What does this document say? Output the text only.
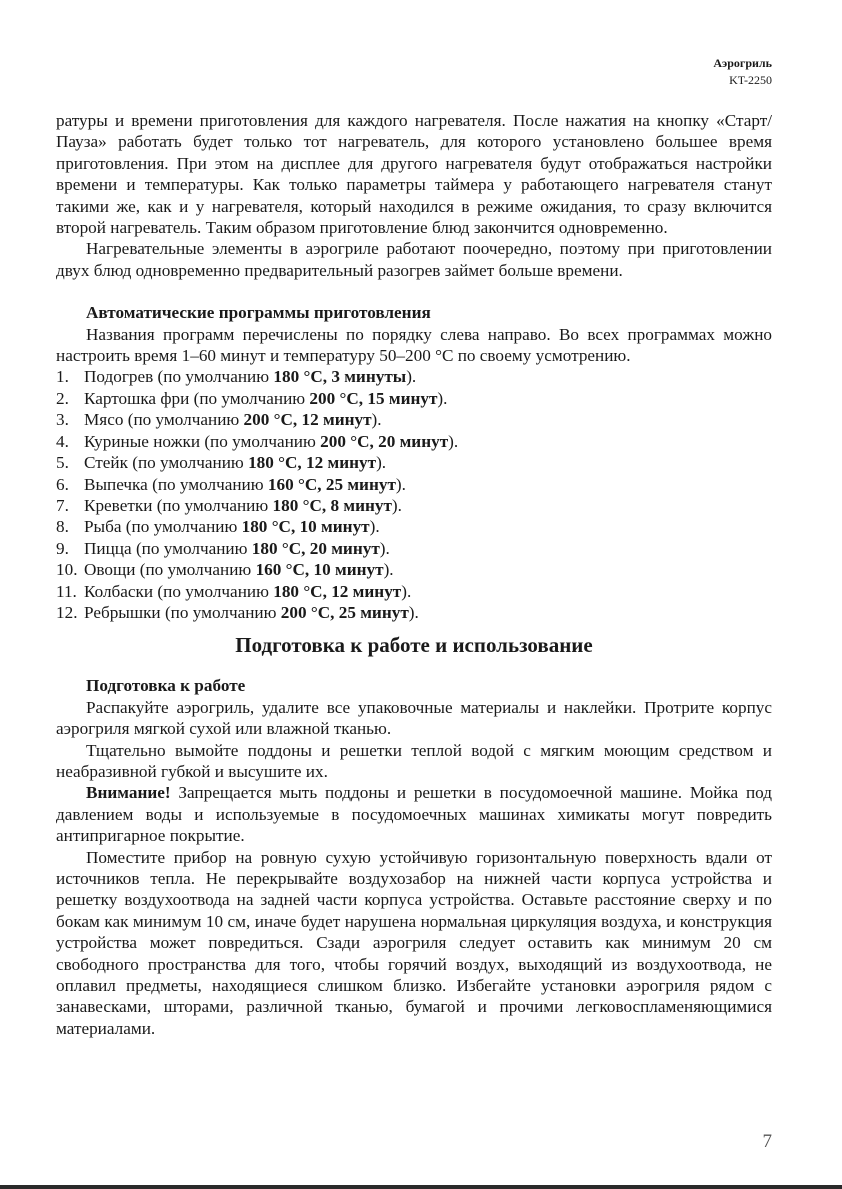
Аэрогриль
KT-2250

ратуры и времени приготовления для каждого нагревателя. После нажатия на кнопку «Старт/Пауза» работать будет только тот нагреватель, для которого установлено большее время приготовления. При этом на дисплее для другого нагревателя будут отображаться настройки времени и температуры. Как только параметры таймера у работающего нагревателя станут такими же, как и у нагревателя, который находился в режиме ожидания, то сразу включится второй нагреватель. Таким образом приготовление блюд закончится одновременно.

Нагревательные элементы в аэрогриле работают поочередно, поэтому при приготовлении двух блюд одновременно предварительный разогрев займет больше времени.

Автоматические программы приготовления

Названия программ перечислены по порядку слева направо. Во всех программах можно настроить время 1–60 минут и температуру 50–200 °С по своему усмотрению.

1. Подогрев (по умолчанию 180 °С, 3 минуты).
2. Картошка фри (по умолчанию 200 °С, 15 минут).
3. Мясо (по умолчанию 200 °С, 12 минут).
4. Куриные ножки (по умолчанию 200 °С, 20 минут).
5. Стейк (по умолчанию 180 °С, 12 минут).
6. Выпечка (по умолчанию 160 °С, 25 минут).
7. Креветки (по умолчанию 180 °С, 8 минут).
8. Рыба (по умолчанию 180 °С, 10 минут).
9. Пицца (по умолчанию 180 °С, 20 минут).
10. Овощи (по умолчанию 160 °С, 10 минут).
11. Колбаски (по умолчанию 180 °С, 12 минут).
12. Ребрышки (по умолчанию 200 °С, 25 минут).

Подготовка к работе и использование

Подготовка к работе

Распакуйте аэрогриль, удалите все упаковочные материалы и наклейки. Протрите корпус аэрогриля мягкой сухой или влажной тканью.

Тщательно вымойте поддоны и решетки теплой водой с мягким моющим средством и неабразивной губкой и высушите их.

Внимание! Запрещается мыть поддоны и решетки в посудомоечной машине. Мойка под давлением воды и используемые в посудомоечных машинах химикаты могут повредить антипригарное покрытие.

Поместите прибор на ровную сухую устойчивую горизонтальную поверхность вдали от источников тепла. Не перекрывайте воздухозабор на нижней части корпуса устройства и решетку воздухоотвода на задней части корпуса устройства. Оставьте расстояние сверху и по бокам как минимум 10 см, иначе будет нарушена нормальная циркуляция воздуха, и конструкция устройства может повредиться. Сзади аэрогриля следует оставить как минимум 20 см свободного пространства для того, чтобы горячий воздух, выходящий из воздухоотвода, не оплавил предметы, находящиеся слишком близко. Избегайте установки аэрогриля рядом с занавесками, шторами, различной тканью, бумагой и прочими легковоспламеняющимися материалами.

7
